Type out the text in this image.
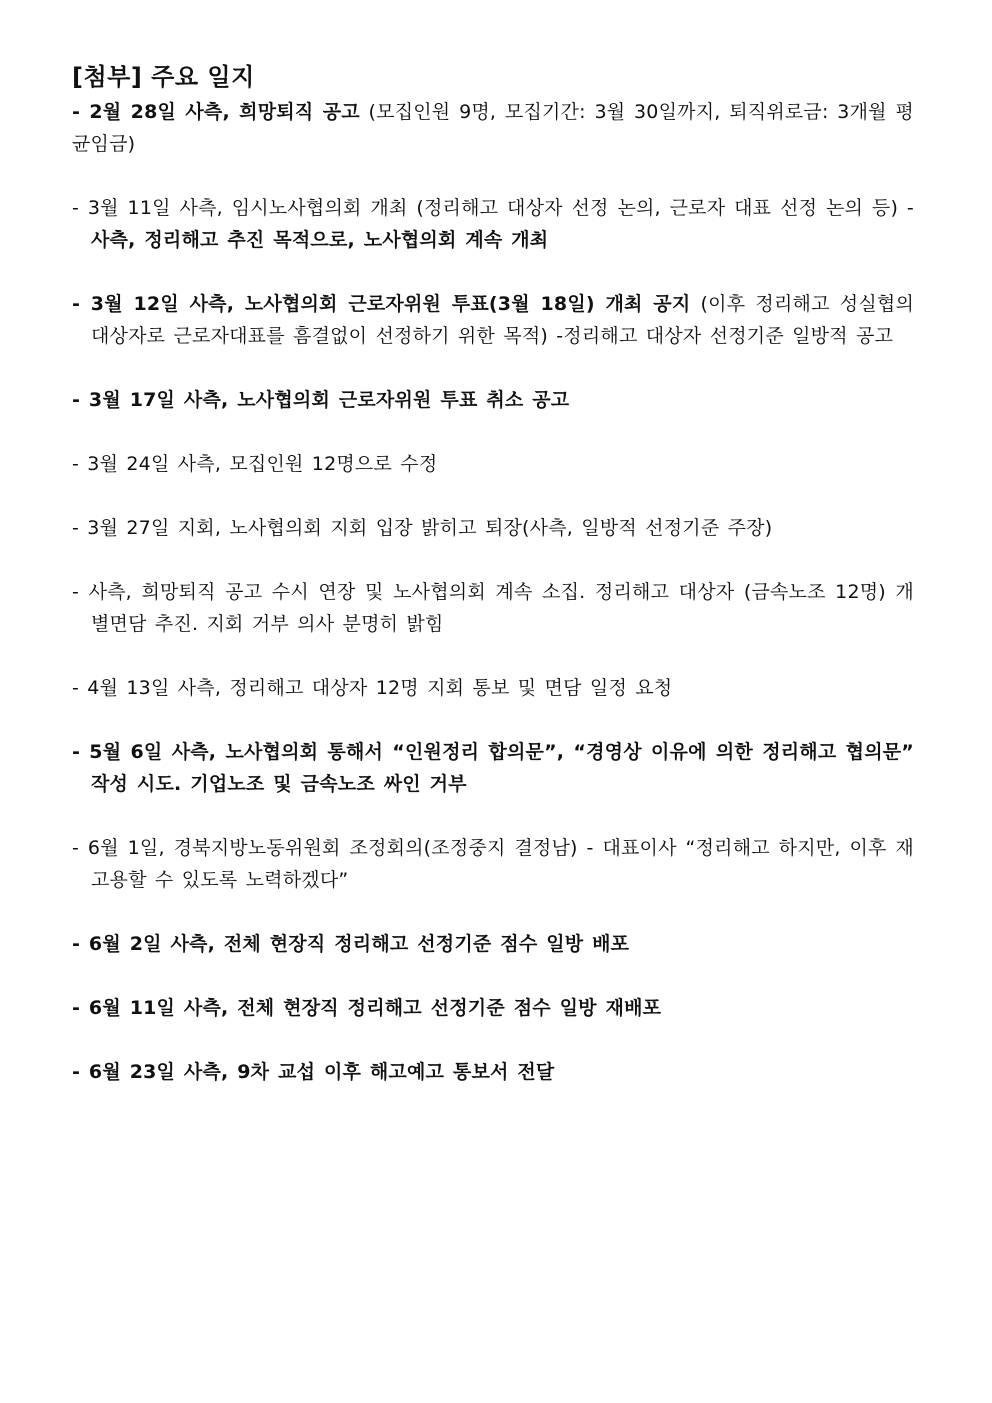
[첨부] 주요 일지

- 2월 28일 사측, 희망퇴직 공고 (모집인원 9명, 모집기간: 3월 30일까지, 퇴직위로금: 3개월 평균임금)

- 3월 11일 사측, 임시노사협의회 개최 (정리해고 대상자 선정 논의, 근로자 대표 선정 논의 등) - 사측, 정리해고 추진 목적으로, 노사협의회 계속 개최

- 3월 12일 사측, 노사협의회 근로자위원 투표(3월 18일) 개최 공지 (이후 정리해고 성실협의 대상자로 근로자대표를 흠결없이 선정하기 위한 목적) -정리해고 대상자 선정기준 일방적 공고

- 3월 17일 사측, 노사협의회 근로자위원 투표 취소 공고

- 3월 24일 사측, 모집인원 12명으로 수정

- 3월 27일 지회, 노사협의회 지회 입장 밝히고 퇴장(사측, 일방적 선정기준 주장)

- 사측, 희망퇴직 공고 수시 연장 및 노사협의회 계속 소집. 정리해고 대상자 (금속노조 12명) 개별면담 추진. 지회 거부 의사 분명히 밝힘

- 4월 13일 사측, 정리해고 대상자 12명 지회 통보 및 면담 일정 요청

- 5월 6일 사측, 노사협의회 통해서 “인원정리 합의문”, “경영상 이유에 의한 정리해고 협의문” 작성 시도. 기업노조 및 금속노조 싸인 거부

- 6월 1일, 경북지방노동위원회 조정회의(조정중지 결정남) - 대표이사 “정리해고 하지만, 이후 재고용할 수 있도록 노력하겠다”

- 6월 2일 사측, 전체 현장직 정리해고 선정기준 점수 일방 배포

- 6월 11일 사측, 전체 현장직 정리해고 선정기준 점수 일방 재배포

- 6월 23일 사측, 9차 교섭 이후 해고예고 통보서 전달
